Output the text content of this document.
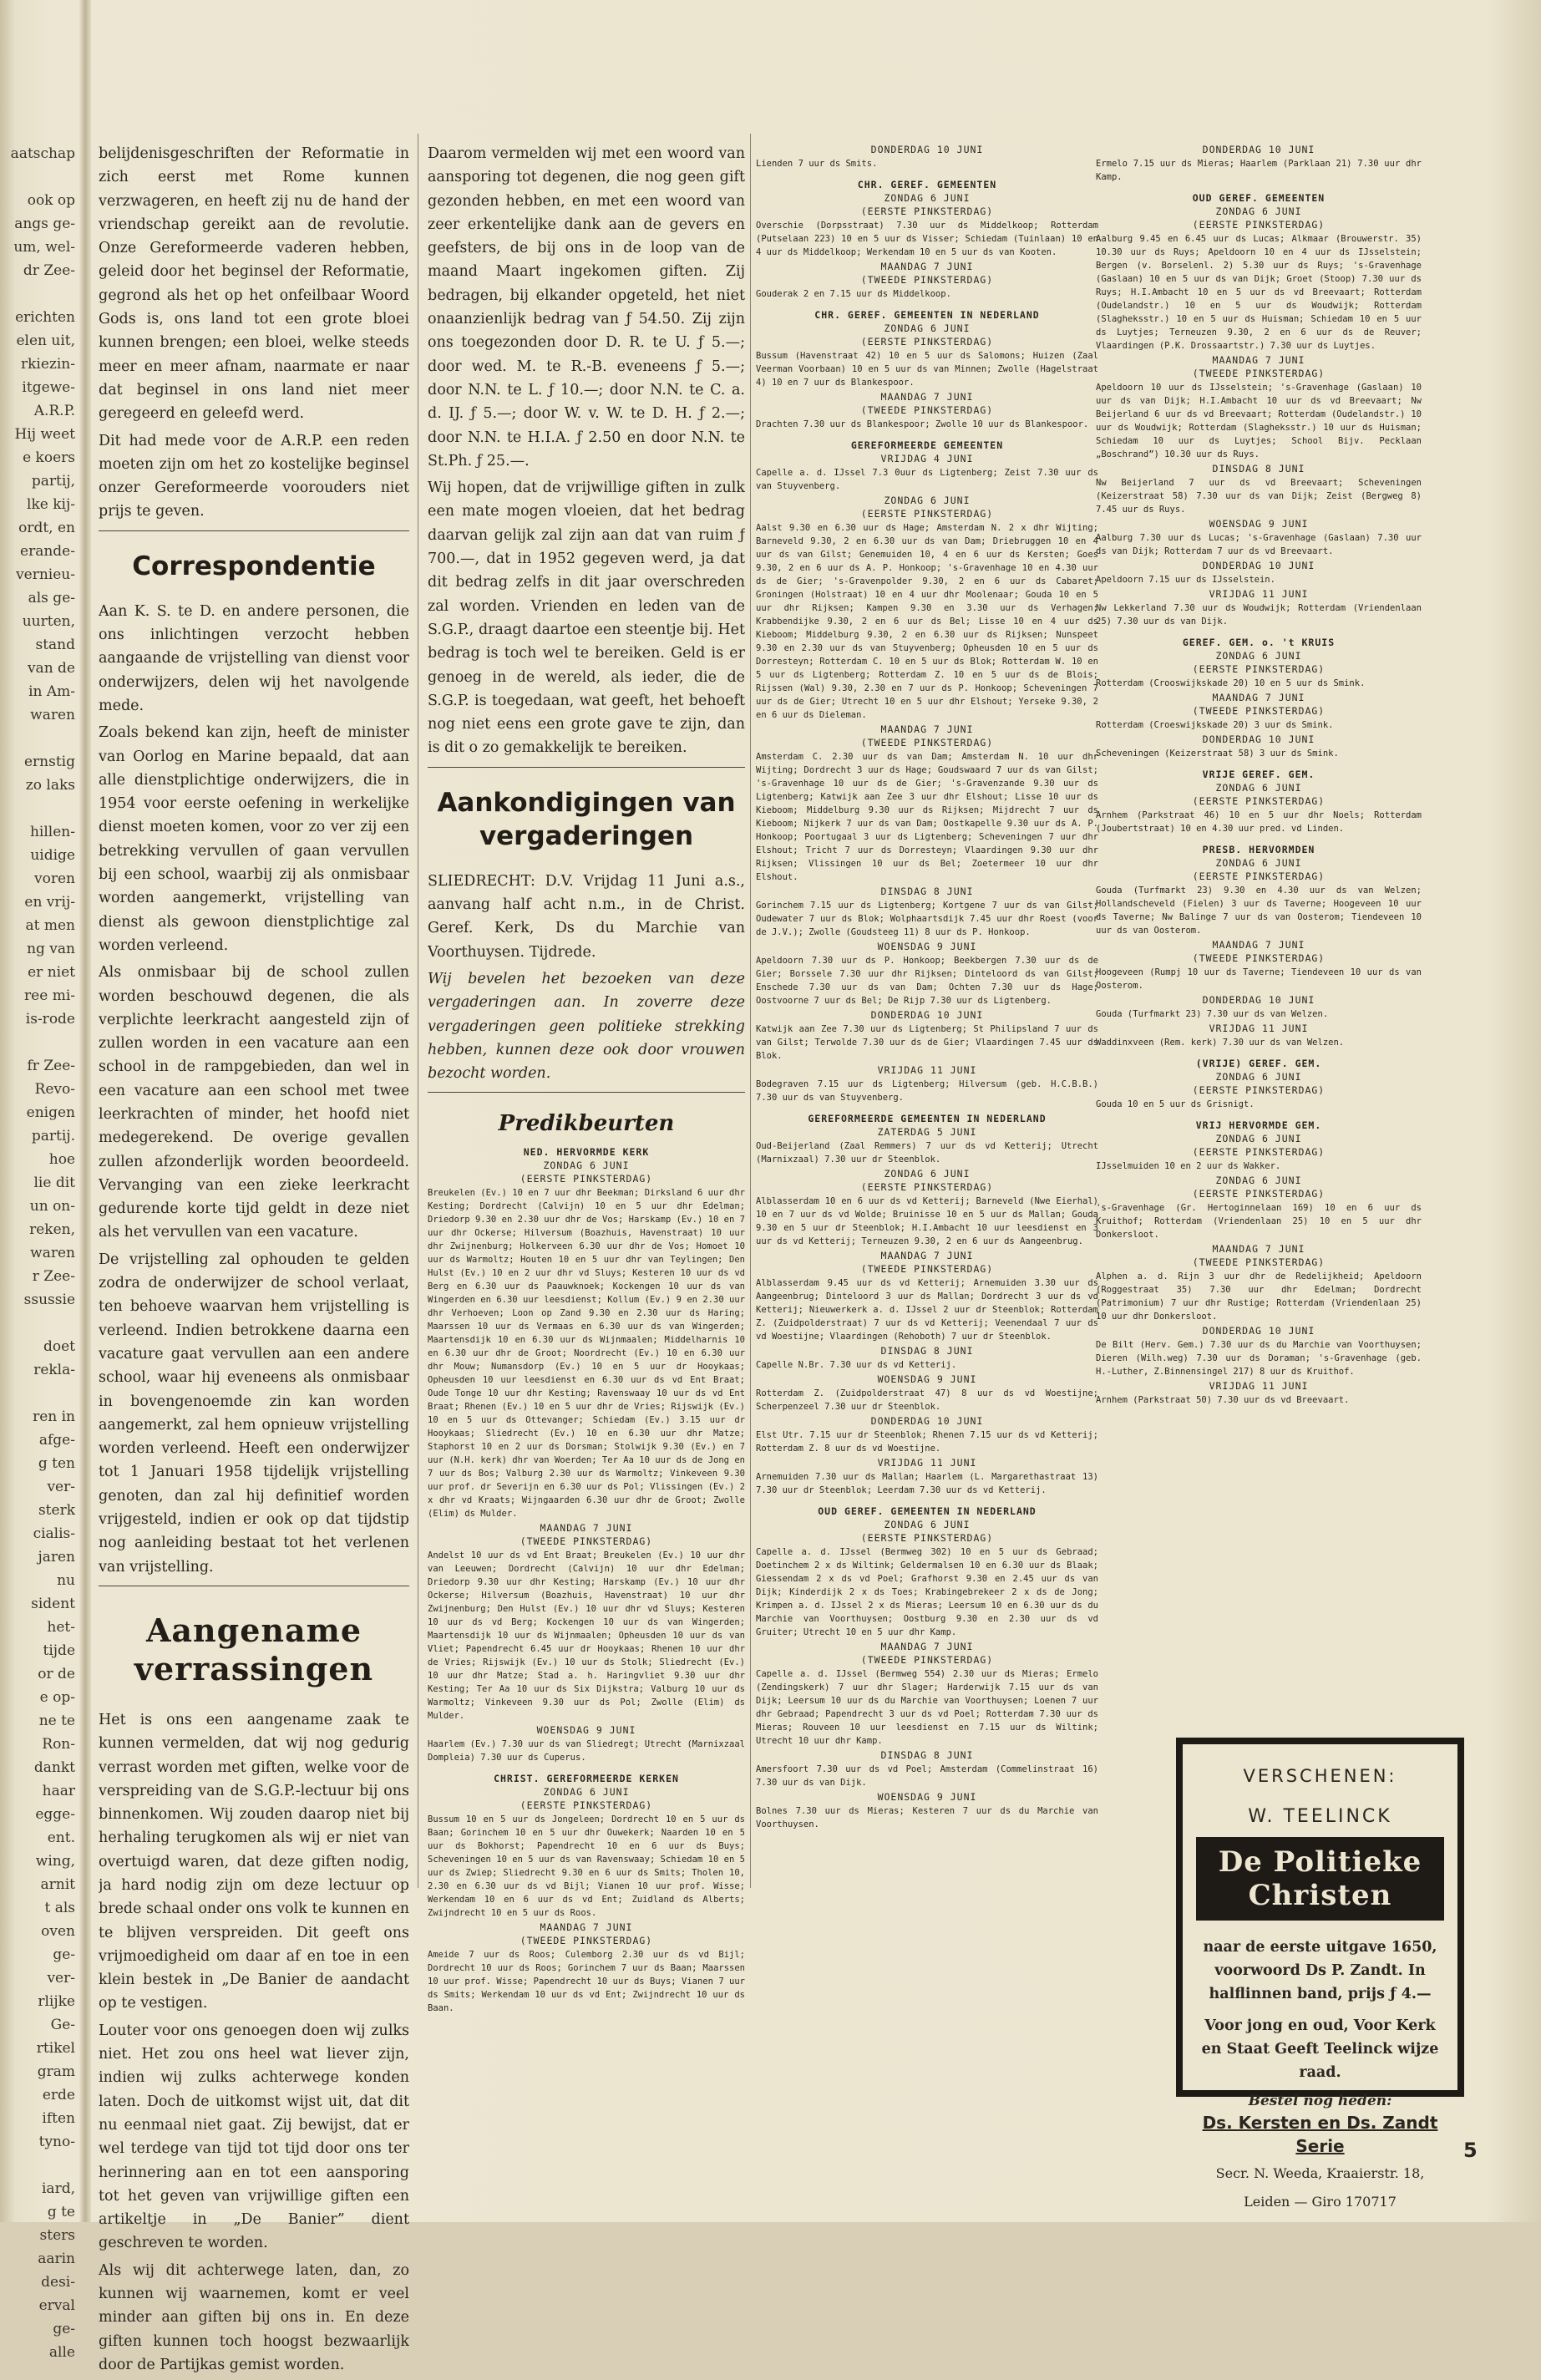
aatschap

ook op
angs ge-
um, wel-
dr Zee-

erichten
elen uit,
rkiezin-
itgewe-
A.R.P.
Hij weet
e koers
partij,
lke kij-
ordt, en
erande-
vernieu-
als ge-
uurten,
stand
van de
in Am-
waren

ernstig
zo laks

hillen-
uidige
voren
en vrij-
at men
ng van
er niet
ree mi-
is-rode

fr Zee-
Revo-
enigen
partij.
hoe
lie dit
un on-
reken,
waren
r Zee-
ssussie

doet
rekla-

ren in
afge-
g ten
ver-
sterk
cialis-
jaren
nu
sident
het-
tijde
or de
e op-
ne te
Ron-
dankt
haar
egge-
ent.
wing,
arnit
t als
oven
ge-
ver-
rlijke
Ge-
rtikel
gram
erde
iften
tyno-

iard,
g te
sters
aarin
desi-
erval
ge-
alle

belijdenisgeschriften der Reformatie in zich eerst met Rome kunnen verzwageren, en heeft zij nu de hand der vriendschap gereikt aan de revolutie. Onze Gereformeerde vaderen hebben, geleid door het beginsel der Reformatie, gegrond als het op het onfeilbaar Woord Gods is, ons land tot een grote bloei kunnen brengen; een bloei, welke steeds meer en meer afnam, naarmate er naar dat beginsel in ons land niet meer geregeerd en geleefd werd.

Dit had mede voor de A.R.P. een reden moeten zijn om het zo kostelijke beginsel onzer Gereformeerde voorouders niet prijs te geven.

Correspondentie

Aan K. S. te D. en andere personen, die ons inlichtingen verzocht hebben aangaande de vrijstelling van dienst voor onderwijzers, delen wij het navolgende mede.

Zoals bekend kan zijn, heeft de minister van Oorlog en Marine bepaald, dat aan alle dienstplichtige onderwijzers, die in 1954 voor eerste oefening in werkelijke dienst moeten komen, voor zo ver zij een betrekking vervullen of gaan vervullen bij een school, waarbij zij als onmisbaar worden aangemerkt, vrijstelling van dienst als gewoon dienstplichtige zal worden verleend.

Als onmisbaar bij de school zullen worden beschouwd degenen, die als verplichte leerkracht aangesteld zijn of zullen worden in een vacature aan een school in de rampgebieden, dan wel in een vacature aan een school met twee leerkrachten of minder, het hoofd niet medegerekend. De overige gevallen zullen afzonderlijk worden beoordeeld. Vervanging van een zieke leerkracht gedurende korte tijd geldt in deze niet als het vervullen van een vacature.

De vrijstelling zal ophouden te gelden zodra de onderwijzer de school verlaat, ten behoeve waarvan hem vrijstelling is verleend. Indien betrokkene daarna een vacature gaat vervullen aan een andere school, waar hij eveneens als onmisbaar in bovengenoemde zin kan worden aangemerkt, zal hem opnieuw vrijstelling worden verleend. Heeft een onderwijzer tot 1 Januari 1958 tijdelijk vrijstelling genoten, dan zal hij definitief worden vrijgesteld, indien er ook op dat tijdstip nog aanleiding bestaat tot het verlenen van vrijstelling.

Aangename verrassingen

Het is ons een aangename zaak te kunnen vermelden, dat wij nog gedurig verrast worden met giften, welke voor de verspreiding van de S.G.P.-lectuur bij ons binnenkomen. Wij zouden daarop niet bij herhaling terugkomen als wij er niet van overtuigd waren, dat deze giften nodig, ja hard nodig zijn om deze lectuur op brede schaal onder ons volk te kunnen en te blijven verspreiden. Dit geeft ons vrijmoedigheid om daar af en toe in een klein bestek in „De Banier de aandacht op te vestigen.

Louter voor ons genoegen doen wij zulks niet. Het zou ons heel wat liever zijn, indien wij zulks achterwege konden laten. Doch de uitkomst wijst uit, dat dit nu eenmaal niet gaat. Zij bewijst, dat er wel terdege van tijd tot tijd door ons ter herinnering aan en tot een aansporing tot het geven van vrijwillige giften een artikeltje in „De Banier” dient geschreven te worden.

Als wij dit achterwege laten, dan, zo kunnen wij waarnemen, komt er veel minder aan giften bij ons in. En deze giften kunnen toch hoogst bezwaarlijk door de Partijkas gemist worden.

Daarom vermelden wij met een woord van aansporing tot degenen, die nog geen gift gezonden hebben, en met een woord van zeer erkentelijke dank aan de gevers en geefsters, de bij ons in de loop van de maand Maart ingekomen giften. Zij bedragen, bij elkander opgeteld, het niet onaanzienlijk bedrag van ƒ 54.50. Zij zijn ons toegezonden door D. R. te U. ƒ 5.—; door wed. M. te R.-B. eveneens ƒ 5.—; door N.N. te L. ƒ 10.—; door N.N. te C. a. d. IJ. ƒ 5.—; door W. v. W. te D. H. ƒ 2.—; door N.N. te H.I.A. ƒ 2.50 en door N.N. te St.Ph. ƒ 25.—.

Wij hopen, dat de vrijwillige giften in zulk een mate mogen vloeien, dat het bedrag daarvan gelijk zal zijn aan dat van ruim ƒ 700.—, dat in 1952 gegeven werd, ja dat dit bedrag zelfs in dit jaar overschreden zal worden. Vrienden en leden van de S.G.P., draagt daartoe een steentje bij. Het bedrag is toch wel te bereiken. Geld is er genoeg in de wereld, als ieder, die de S.G.P. is toegedaan, wat geeft, het behoeft nog niet eens een grote gave te zijn, dan is dit o zo gemakkelijk te bereiken.

Aankondigingen van vergaderingen

SLIEDRECHT: D.V. Vrijdag 11 Juni a.s., aanvang half acht n.m., in de Christ. Geref. Kerk, Ds du Marchie van Voorthuysen. Tijdrede.

Wij bevelen het bezoeken van deze vergaderingen aan. In zoverre deze vergaderingen geen politieke strekking hebben, kunnen deze ook door vrouwen bezocht worden.

Predikbeurten
NED. HERVORMDE KERK
ZONDAG 6 JUNI
(EERSTE PINKSTERDAG)

Breukelen (Ev.) 10 en 7 uur dhr Beekman; Dirksland 6 uur dhr Kesting; Dordrecht (Calvijn) 10 en 5 uur dhr Edelman; Driedorp 9.30 en 2.30 uur dhr de Vos; Harskamp (Ev.) 10 en 7 uur dhr Ockerse; Hilversum (Boazhuis, Havenstraat) 10 uur dhr Zwijnenburg; Holkerveen 6.30 uur dhr de Vos; Homoet 10 uur ds Warmoltz; Houten 10 en 5 uur dhr van Teylingen; Den Hulst (Ev.) 10 en 2 uur dhr vd Sluys; Kesteren 10 uur ds vd Berg en 6.30 uur ds Paauwknoek; Kockengen 10 uur ds van Wingerden en 6.30 uur leesdienst; Kollum (Ev.) 9 en 2.30 uur dhr Verhoeven; Loon op Zand 9.30 en 2.30 uur ds Haring; Maarssen 10 uur ds Vermaas en 6.30 uur ds van Wingerden; Maartensdijk 10 en 6.30 uur ds Wijnmaalen; Middelharnis 10 en 6.30 uur dhr de Groot; Noordrecht (Ev.) 10 en 6.30 uur dhr Mouw; Numansdorp (Ev.) 10 en 5 uur dr Hooykaas; Opheusden 10 uur leesdienst en 6.30 uur ds vd Ent Braat; Oude Tonge 10 uur dhr Kesting; Ravenswaay 10 uur ds vd Ent Braat; Rhenen (Ev.) 10 en 5 uur dhr de Vries; Rijswijk (Ev.) 10 en 5 uur ds Ottevanger; Schiedam (Ev.) 3.15 uur dr Hooykaas; Sliedrecht (Ev.) 10 en 6.30 uur dhr Matze; Staphorst 10 en 2 uur ds Dorsman; Stolwijk 9.30 (Ev.) en 7 uur (N.H. kerk) dhr van Woerden; Ter Aa 10 uur ds de Jong en 7 uur ds Bos; Valburg 2.30 uur ds Warmoltz; Vinkeveen 9.30 uur prof. dr Severijn en 6.30 uur ds Pol; Vlissingen (Ev.) 2 x dhr vd Kraats; Wijngaarden 6.30 uur dhr de Groot; Zwolle (Elim) ds Mulder.

MAANDAG 7 JUNI
(TWEEDE PINKSTERDAG)

Andelst 10 uur ds vd Ent Braat; Breukelen (Ev.) 10 uur dhr van Leeuwen; Dordrecht (Calvijn) 10 uur dhr Edelman; Driedorp 9.30 uur dhr Kesting; Harskamp (Ev.) 10 uur dhr Ockerse; Hilversum (Boazhuis, Havenstraat) 10 uur dhr Zwijnenburg; Den Hulst (Ev.) 10 uur dhr vd Sluys; Kesteren 10 uur ds vd Berg; Kockengen 10 uur ds van Wingerden; Maartensdijk 10 uur ds Wijnmaalen; Opheusden 10 uur ds van Vliet; Papendrecht 6.45 uur dr Hooykaas; Rhenen 10 uur dhr de Vries; Rijswijk (Ev.) 10 uur ds Stolk; Sliedrecht (Ev.) 10 uur dhr Matze; Stad a. h. Haringvliet 9.30 uur dhr Kesting; Ter Aa 10 uur ds Six Dijkstra; Valburg 10 uur ds Warmoltz; Vinkeveen 9.30 uur ds Pol; Zwolle (Elim) ds Mulder.

WOENSDAG 9 JUNI

Haarlem (Ev.) 7.30 uur ds van Sliedregt; Utrecht (Marnixzaal Dompleia) 7.30 uur ds Cuperus.

CHRIST. GEREFORMEERDE KERKEN
ZONDAG 6 JUNI
(EERSTE PINKSTERDAG)

Bussum 10 en 5 uur ds Jongeleen; Dordrecht 10 en 5 uur ds Baan; Gorinchem 10 en 5 uur dhr Ouwekerk; Naarden 10 en 5 uur ds Bokhorst; Papendrecht 10 en 6 uur ds Buys; Scheveningen 10 en 5 uur ds van Ravenswaay; Schiedam 10 en 5 uur ds Zwiep; Sliedrecht 9.30 en 6 uur ds Smits; Tholen 10, 2.30 en 6.30 uur ds vd Bijl; Vianen 10 uur prof. Wisse; Werkendam 10 en 6 uur ds vd Ent; Zuidland ds Alberts; Zwijndrecht 10 en 5 uur ds Roos.

MAANDAG 7 JUNI
(TWEEDE PINKSTERDAG)

Ameide 7 uur ds Roos; Culemborg 2.30 uur ds vd Bijl; Dordrecht 10 uur ds Roos; Gorinchem 7 uur ds Baan; Maarssen 10 uur prof. Wisse; Papendrecht 10 uur ds Buys; Vianen 7 uur ds Smits; Werkendam 10 uur ds vd Ent; Zwijndrecht 10 uur ds Baan.

DONDERDAG 10 JUNI

Lienden 7 uur ds Smits.

CHR. GEREF. GEMEENTEN
ZONDAG 6 JUNI
(EERSTE PINKSTERDAG)

Overschie (Dorpsstraat) 7.30 uur ds Middelkoop; Rotterdam (Putselaan 223) 10 en 5 uur ds Visser; Schiedam (Tuinlaan) 10 en 4 uur ds Middelkoop; Werkendam 10 en 5 uur ds van Kooten.

MAANDAG 7 JUNI
(TWEEDE PINKSTERDAG)

Gouderak 2 en 7.15 uur ds Middelkoop.

CHR. GEREF. GEMEENTEN IN NEDERLAND
ZONDAG 6 JUNI
(EERSTE PINKSTERDAG)

Bussum (Havenstraat 42) 10 en 5 uur ds Salomons; Huizen (Zaal Veerman Voorbaan) 10 en 5 uur ds van Minnen; Zwolle (Hagelstraat 4) 10 en 7 uur ds Blankespoor.

MAANDAG 7 JUNI
(TWEEDE PINKSTERDAG)

Drachten 7.30 uur ds Blankespoor; Zwolle 10 uur ds Blankespoor.

GEREFORMEERDE GEMEENTEN
VRIJDAG 4 JUNI

Capelle a. d. IJssel 7.3 0uur ds Ligtenberg; Zeist 7.30 uur ds van Stuyvenberg.

ZONDAG 6 JUNI
(EERSTE PINKSTERDAG)

Aalst 9.30 en 6.30 uur ds Hage; Amsterdam N. 2 x dhr Wijting; Barneveld 9.30, 2 en 6.30 uur ds van Dam; Driebruggen 10 en 4 uur ds van Gilst; Genemuiden 10, 4 en 6 uur ds Kersten; Goes 9.30, 2 en 6 uur ds A. P. Honkoop; 's-Gravenhage 10 en 4.30 uur ds de Gier; 's-Gravenpolder 9.30, 2 en 6 uur ds Cabaret; Groningen (Holstraat) 10 en 4 uur dhr Moolenaar; Gouda 10 en 5 uur dhr Rijksen; Kampen 9.30 en 3.30 uur ds Verhagen; Krabbendijke 9.30, 2 en 6 uur ds Bel; Lisse 10 en 4 uur ds Kieboom; Middelburg 9.30, 2 en 6.30 uur ds Rijksen; Nunspeet 9.30 en 2.30 uur ds van Stuyvenberg; Opheusden 10 en 5 uur ds Dorresteyn; Rotterdam C. 10 en 5 uur ds Blok; Rotterdam W. 10 en 5 uur ds Ligtenberg; Rotterdam Z. 10 en 5 uur ds de Blois; Rijssen (Wal) 9.30, 2.30 en 7 uur ds P. Honkoop; Scheveningen 7 uur ds de Gier; Utrecht 10 en 5 uur dhr Elshout; Yerseke 9.30, 2 en 6 uur ds Dieleman.

MAANDAG 7 JUNI
(TWEEDE PINKSTERDAG)

Amsterdam C. 2.30 uur ds van Dam; Amsterdam N. 10 uur dhr Wijting; Dordrecht 3 uur ds Hage; Goudswaard 7 uur ds van Gilst; 's-Gravenhage 10 uur ds de Gier; 's-Gravenzande 9.30 uur ds Ligtenberg; Katwijk aan Zee 3 uur dhr Elshout; Lisse 10 uur ds Kieboom; Middelburg 9.30 uur ds Rijksen; Mijdrecht 7 uur ds Kieboom; Nijkerk 7 uur ds van Dam; Oostkapelle 9.30 uur ds A. P. Honkoop; Poortugaal 3 uur ds Ligtenberg; Scheveningen 7 uur dhr Elshout; Tricht 7 uur ds Dorresteyn; Vlaardingen 9.30 uur dhr Rijksen; Vlissingen 10 uur ds Bel; Zoetermeer 10 uur dhr Elshout.

DINSDAG 8 JUNI

Gorinchem 7.15 uur ds Ligtenberg; Kortgene 7 uur ds van Gilst; Oudewater 7 uur ds Blok; Wolphaartsdijk 7.45 uur dhr Roest (voor de J.V.); Zwolle (Goudsteeg 11) 8 uur ds P. Honkoop.

WOENSDAG 9 JUNI

Apeldoorn 7.30 uur ds P. Honkoop; Beekbergen 7.30 uur ds de Gier; Borssele 7.30 uur dhr Rijksen; Dinteloord ds van Gilst; Enschede 7.30 uur ds van Dam; Ochten 7.30 uur ds Hage; Oostvoorne 7 uur ds Bel; De Rijp 7.30 uur ds Ligtenberg.

DONDERDAG 10 JUNI

Katwijk aan Zee 7.30 uur ds Ligtenberg; St Philipsland 7 uur ds van Gilst; Terwolde 7.30 uur ds de Gier; Vlaardingen 7.45 uur ds Blok.

VRIJDAG 11 JUNI

Bodegraven 7.15 uur ds Ligtenberg; Hilversum (geb. H.C.B.B.) 7.30 uur ds van Stuyvenberg.

GEREFORMEERDE GEMEENTEN IN NEDERLAND
ZATERDAG 5 JUNI

Oud-Beijerland (Zaal Remmers) 7 uur ds vd Ketterij; Utrecht (Marnixzaal) 7.30 uur dr Steenblok.

ZONDAG 6 JUNI
(EERSTE PINKSTERDAG)

Alblasserdam 10 en 6 uur ds vd Ketterij; Barneveld (Nwe Eierhal) 10 en 7 uur ds vd Wolde; Bruinisse 10 en 5 uur ds Mallan; Gouda 9.30 en 5 uur dr Steenblok; H.I.Ambacht 10 uur leesdienst en 3 uur ds vd Ketterij; Terneuzen 9.30, 2 en 6 uur ds Aangeenbrug.

MAANDAG 7 JUNI
(TWEEDE PINKSTERDAG)

Alblasserdam 9.45 uur ds vd Ketterij; Arnemuiden 3.30 uur ds Aangeenbrug; Dinteloord 3 uur ds Mallan; Dordrecht 3 uur ds vd Ketterij; Nieuwerkerk a. d. IJssel 2 uur dr Steenblok; Rotterdam Z. (Zuidpolderstraat) 7 uur ds vd Ketterij; Veenendaal 7 uur ds vd Woestijne; Vlaardingen (Rehoboth) 7 uur dr Steenblok.

DINSDAG 8 JUNI

Capelle N.Br. 7.30 uur ds vd Ketterij.

WOENSDAG 9 JUNI

Rotterdam Z. (Zuidpolderstraat 47) 8 uur ds vd Woestijne; Scherpenzeel 7.30 uur dr Steenblok.

DONDERDAG 10 JUNI

Elst Utr. 7.15 uur dr Steenblok; Rhenen 7.15 uur ds vd Ketterij; Rotterdam Z. 8 uur ds vd Woestijne.

VRIJDAG 11 JUNI

Arnemuiden 7.30 uur ds Mallan; Haarlem (L. Margarethastraat 13) 7.30 uur dr Steenblok; Leerdam 7.30 uur ds vd Ketterij.

OUD GEREF. GEMEENTEN IN NEDERLAND
ZONDAG 6 JUNI
(EERSTE PINKSTERDAG)

Capelle a. d. IJssel (Bermweg 302) 10 en 5 uur ds Gebraad; Doetinchem 2 x ds Wiltink; Geldermalsen 10 en 6.30 uur ds Blaak; Giessendam 2 x ds vd Poel; Grafhorst 9.30 en 2.45 uur ds van Dijk; Kinderdijk 2 x ds Toes; Krabingebrekeer 2 x ds de Jong; Krimpen a. d. IJssel 2 x ds Mieras; Leersum 10 en 6.30 uur ds du Marchie van Voorthuysen; Oostburg 9.30 en 2.30 uur ds vd Gruiter; Utrecht 10 en 5 uur dhr Kamp.

MAANDAG 7 JUNI
(TWEEDE PINKSTERDAG)

Capelle a. d. IJssel (Bermweg 554) 2.30 uur ds Mieras; Ermelo (Zendingskerk) 7 uur dhr Slager; Harderwijk 7.15 uur ds van Dijk; Leersum 10 uur ds du Marchie van Voorthuysen; Loenen 7 uur dhr Gebraad; Papendrecht 3 uur ds vd Poel; Rotterdam 7.30 uur ds Mieras; Rouveen 10 uur leesdienst en 7.15 uur ds Wiltink; Utrecht 10 uur dhr Kamp.

DINSDAG 8 JUNI

Amersfoort 7.30 uur ds vd Poel; Amsterdam (Commelinstraat 16) 7.30 uur ds van Dijk.

WOENSDAG 9 JUNI

Bolnes 7.30 uur ds Mieras; Kesteren 7 uur ds du Marchie van Voorthuysen.

DONDERDAG 10 JUNI

Ermelo 7.15 uur ds Mieras; Haarlem (Parklaan 21) 7.30 uur dhr Kamp.

OUD GEREF. GEMEENTEN
ZONDAG 6 JUNI
(EERSTE PINKSTERDAG)

Aalburg 9.45 en 6.45 uur ds Lucas; Alkmaar (Brouwerstr. 35) 10.30 uur ds Ruys; Apeldoorn 10 en 4 uur ds IJsselstein; Bergen (v. Borselenl. 2) 5.30 uur ds Ruys; 's-Gravenhage (Gaslaan) 10 en 5 uur ds van Dijk; Groet (Stoop) 7.30 uur ds Ruys; H.I.Ambacht 10 en 5 uur ds vd Breevaart; Rotterdam (Oudelandstr.) 10 en 5 uur ds Woudwijk; Rotterdam (Slagheksstr.) 10 en 5 uur ds Huisman; Schiedam 10 en 5 uur ds Luytjes; Terneuzen 9.30, 2 en 6 uur ds de Reuver; Vlaardingen (P.K. Drossaartstr.) 7.30 uur ds Luytjes.

MAANDAG 7 JUNI
(TWEEDE PINKSTERDAG)

Apeldoorn 10 uur ds IJsselstein; 's-Gravenhage (Gaslaan) 10 uur ds van Dijk; H.I.Ambacht 10 uur ds vd Breevaart; Nw Beijerland 6 uur ds vd Breevaart; Rotterdam (Oudelandstr.) 10 uur ds Woudwijk; Rotterdam (Slagheksstr.) 10 uur ds Huisman; Schiedam 10 uur ds Luytjes; School Bijv. Pecklaan „Boschrand”) 10.30 uur ds Ruys.

DINSDAG 8 JUNI

Nw Beijerland 7 uur ds vd Breevaart; Scheveningen (Keizerstraat 58) 7.30 uur ds van Dijk; Zeist (Bergweg 8) 7.45 uur ds Ruys.

WOENSDAG 9 JUNI

Aalburg 7.30 uur ds Lucas; 's-Gravenhage (Gaslaan) 7.30 uur ds van Dijk; Rotterdam 7 uur ds vd Breevaart.

DONDERDAG 10 JUNI

Apeldoorn 7.15 uur ds IJsselstein.

VRIJDAG 11 JUNI

Nw Lekkerland 7.30 uur ds Woudwijk; Rotterdam (Vriendenlaan 25) 7.30 uur ds van Dijk.

GEREF. GEM. o. 't KRUIS
ZONDAG 6 JUNI
(EERSTE PINKSTERDAG)

Rotterdam (Crooswijkskade 20) 10 en 5 uur ds Smink.

MAANDAG 7 JUNI
(TWEEDE PINKSTERDAG)

Rotterdam (Croeswijkskade 20) 3 uur ds Smink.

DONDERDAG 10 JUNI

Scheveningen (Keizerstraat 58) 3 uur ds Smink.

VRIJE GEREF. GEM.
ZONDAG 6 JUNI
(EERSTE PINKSTERDAG)

Arnhem (Parkstraat 46) 10 en 5 uur dhr Noels; Rotterdam (Joubertstraat) 10 en 4.30 uur pred. vd Linden.

PRESB. HERVORMDEN
ZONDAG 6 JUNI
(EERSTE PINKSTERDAG)

Gouda (Turfmarkt 23) 9.30 en 4.30 uur ds van Welzen; Hollandscheveld (Fielen) 3 uur ds Taverne; Hoogeveen 10 uur ds Taverne; Nw Balinge 7 uur ds van Oosterom; Tiendeveen 10 uur ds van Oosterom.

MAANDAG 7 JUNI
(TWEEDE PINKSTERDAG)

Hoogeveen (Rumpj 10 uur ds Taverne; Tiendeveen 10 uur ds van Oosterom.

DONDERDAG 10 JUNI

Gouda (Turfmarkt 23) 7.30 uur ds van Welzen.

VRIJDAG 11 JUNI

Waddinxveen (Rem. kerk) 7.30 uur ds van Welzen.

(VRIJE) GEREF. GEM.
ZONDAG 6 JUNI
(EERSTE PINKSTERDAG)

Gouda 10 en 5 uur ds Grisnigt.

VRIJ HERVORMDE GEM.
ZONDAG 6 JUNI
(EERSTE PINKSTERDAG)

IJsselmuiden 10 en 2 uur ds Wakker.

ZONDAG 6 JUNI
(EERSTE PINKSTERDAG)

's-Gravenhage (Gr. Hertoginnelaan 169) 10 en 6 uur ds Kruithof; Rotterdam (Vriendenlaan 25) 10 en 5 uur dhr Donkersloot.

MAANDAG 7 JUNI
(TWEEDE PINKSTERDAG)

Alphen a. d. Rijn 3 uur dhr de Redelijkheid; Apeldoorn (Roggestraat 35) 7.30 uur dhr Edelman; Dordrecht (Patrimonium) 7 uur dhr Rustige; Rotterdam (Vriendenlaan 25) 10 uur dhr Donkersloot.

DONDERDAG 10 JUNI

De Bilt (Herv. Gem.) 7.30 uur ds du Marchie van Voorthuysen; Dieren (Wilh.weg) 7.30 uur ds Doraman; 's-Gravenhage (geb. H.-Luther, Z.Binnensingel 217) 8 uur ds Kruithof.

VRIJDAG 11 JUNI

Arnhem (Parkstraat 50) 7.30 uur ds vd Breevaart.

VERSCHENEN:
W. TEELINCK
De Politieke Christen
naar de eerste uitgave 1650, voorwoord Ds P. Zandt. In halflinnen band, prijs ƒ 4.—
Voor jong en oud, Voor Kerk en Staat Geeft Teelinck wijze raad.
Bestel nog heden:
Ds. Kersten en Ds. Zandt
Serie
Secr. N. Weeda, Kraaierstr. 18,
Leiden — Giro 170717
5
